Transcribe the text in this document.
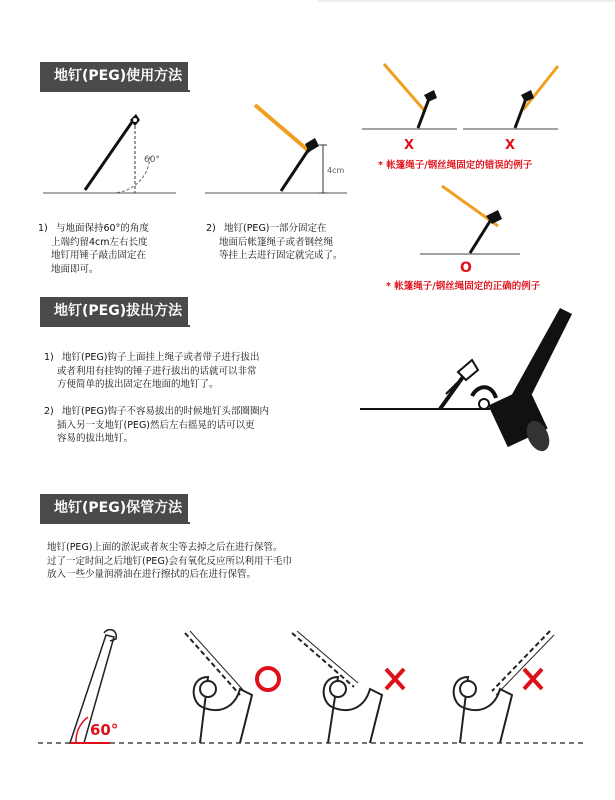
地钉(PEG)使用方法
60°
4cm
X	X
* 帐篷绳子/钢丝绳固定的错误的例子
O
* 帐篷绳子/钢丝绳固定的正确的例子
1) 与地面保持60°的角度
上端约留4cm左右长度
地钉用锤子敲击固定在
地面即可。
2) 地钉(PEG)一部分固定在
地面后帐篷绳子或者钢丝绳
等挂上去进行固定就完成了。
地钉(PEG)拔出方法
1) 地钉(PEG)钩子上面挂上绳子或者带子进行拔出
或者利用有挂钩的锤子进行拔出的话就可以非常
方便简单的拔出固定在地面的地钉了。
2) 地钉(PEG)钩子不容易拔出的时候地钉头部圈圈内
插入另一支地钉(PEG)然后左右摇晃的话可以更
容易的拔出地钉。
地钉(PEG)保管方法
地钉(PEG)上面的淤泥或者灰尘等去掉之后在进行保管。
过了一定时间之后地钉(PEG)会有氧化反应所以利用干毛巾
放入一些少量润滑油在进行擦拭的后在进行保管。
60°
